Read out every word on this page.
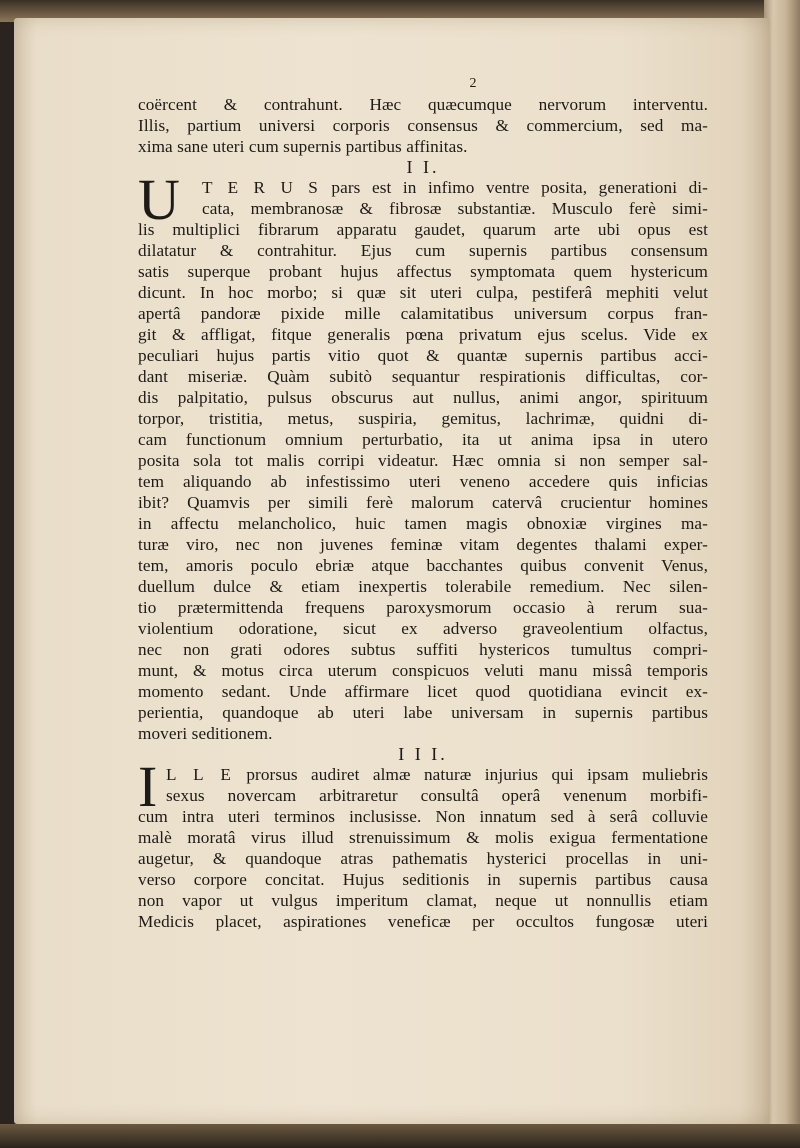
2
coërcent & contrahunt. Hæc quæcumque nervorum interventu.
Illis, partium universi corporis consensus & commercium, sed ma-
xima sane uteri cum supernis partibus affinitas.
I I.
U	T E R U S pars est in infimo ventre posita, generationi di-
cata, membranosæ & fibrosæ substantiæ. Musculo ferè simi-
lis multiplici fibrarum apparatu gaudet, quarum arte ubi opus est
dilatatur & contrahitur. Ejus cum supernis partibus consensum
satis superque probant hujus affectus symptomata quem hystericum
dicunt. In hoc morbo; si quæ sit uteri culpa, pestiferâ mephiti velut
apertâ pandoræ pixide mille calamitatibus universum corpus fran-
git & affligat, fitque generalis pœna privatum ejus scelus. Vide ex
peculiari hujus partis vitio quot & quantæ supernis partibus acci-
dant miseriæ. Quàm subitò sequantur respirationis difficultas, cor-
dis palpitatio, pulsus obscurus aut nullus, animi angor, spirituum
torpor, tristitia, metus, suspiria, gemitus, lachrimæ, quidni di-
cam functionum omnium perturbatio, ita ut anima ipsa in utero
posita sola tot malis corripi videatur. Hæc omnia si non semper sal-
tem aliquando ab infestissimo uteri veneno accedere quis inficias
ibit? Quamvis per simili ferè malorum catervâ crucientur homines
in affectu melancholico, huic tamen magis obnoxiæ virgines ma-
turæ viro, nec non juvenes feminæ vitam degentes thalami exper-
tem, amoris poculo ebriæ atque bacchantes quibus convenit Venus,
duellum dulce & etiam inexpertis tolerabile remedium. Nec silen-
tio prætermittenda frequens paroxysmorum occasio à rerum sua-
violentium odoratione, sicut ex adverso graveolentium olfactus,
nec non grati odores subtus suffiti hystericos tumultus compri-
munt, & motus circa uterum conspicuos veluti manu missâ temporis
momento sedant. Unde affirmare licet quod quotidiana evincit ex-
perientia, quandoque ab uteri labe universam in supernis partibus
moveri seditionem.
I I I.
I L L E prorsus audiret almæ naturæ injurius qui ipsam muliebris
sexus novercam arbitraretur consultâ operâ venenum morbifi-
cum intra uteri terminos inclusisse. Non innatum sed à serâ colluvie
malè moratâ virus illud strenuissimum & molis exigua fermentatione
augetur, & quandoque atras pathematis hysterici procellas in uni-
verso corpore concitat. Hujus seditionis in supernis partibus causa
non vapor ut vulgus imperitum clamat, neque ut nonnullis etiam
Medicis placet, aspirationes veneficæ per occultos fungosæ uteri
